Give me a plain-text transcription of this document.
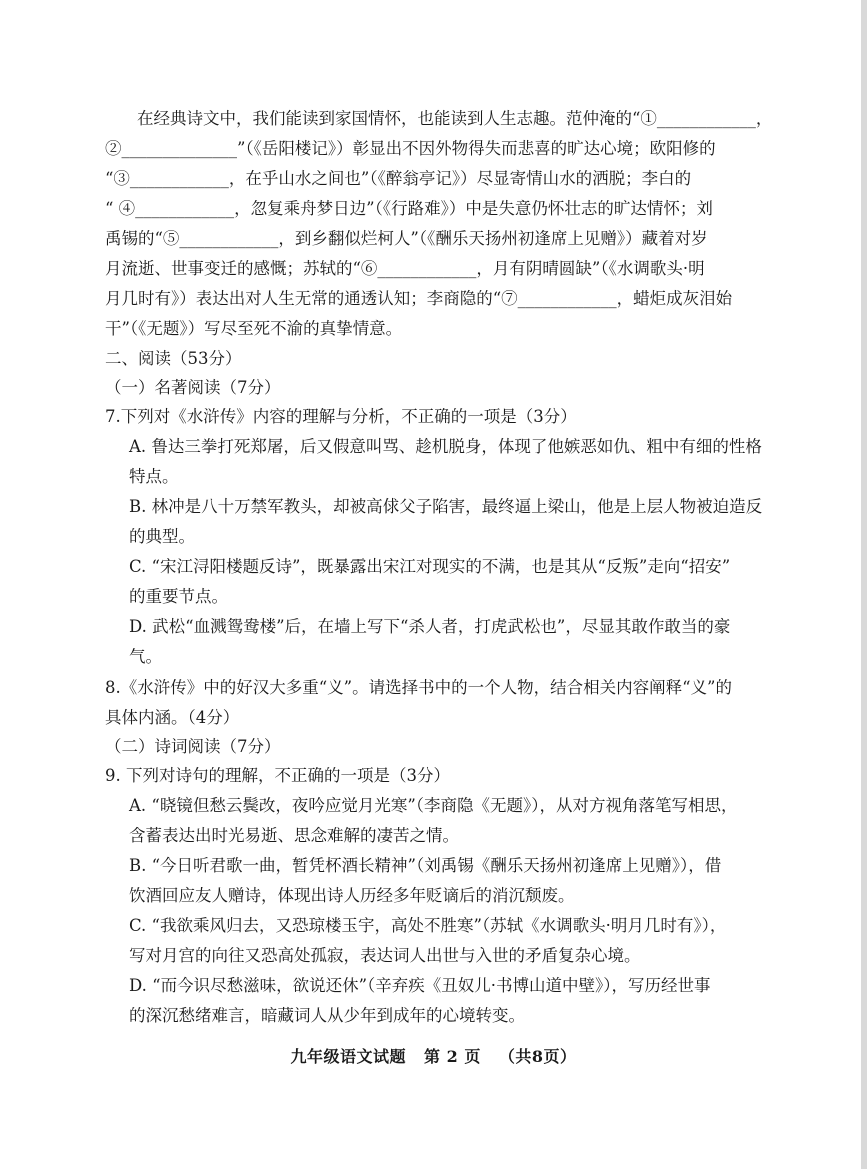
在经典诗文中，我们能读到家国情怀，也能读到人生志趣。范仲淹的“①____________，
②______________”（《岳阳楼记》）彰显出不因外物得失而悲喜的旷达心境；欧阳修的
“③____________，在乎山水之间也”（《醉翁亭记》）尽显寄情山水的洒脱；李白的
“ ④____________，忽复乘舟梦日边”（《行路难》）中是失意仍怀壮志的旷达情怀；刘
禹锡的“⑤____________，到乡翻似烂柯人”（《酬乐天扬州初逢席上见赠》）藏着对岁
月流逝、世事变迁的感慨；苏轼的“⑥____________，月有阴晴圆缺”（《水调歌头·明
月几时有》）表达出对人生无常的通透认知；李商隐的“⑦____________，蜡炬成灰泪始
干”（《无题》）写尽至死不渝的真挚情意。
二、阅读（53分）
（一）名著阅读（7分）
7.下列对《水浒传》内容的理解与分析，不正确的一项是（3分）
A. 鲁达三拳打死郑屠，后又假意叫骂、趁机脱身，体现了他嫉恶如仇、粗中有细的性格
特点。
B. 林冲是八十万禁军教头，却被高俅父子陷害，最终逼上梁山，他是上层人物被迫造反
的典型。
C. “宋江浔阳楼题反诗”，既暴露出宋江对现实的不满，也是其从“反叛”走向“招安”
的重要节点。
D. 武松“血溅鸳鸯楼”后，在墙上写下“杀人者，打虎武松也”，尽显其敢作敢当的豪
气。
8.《水浒传》中的好汉大多重“义”。请选择书中的一个人物，结合相关内容阐释“义”的
具体内涵。（4分）
（二）诗词阅读（7分）
9. 下列对诗句的理解，不正确的一项是（3分）
A. “晓镜但愁云鬓改，夜吟应觉月光寒”（李商隐《无题》），从对方视角落笔写相思，
含蓄表达出时光易逝、思念难解的凄苦之情。
B. “今日听君歌一曲，暂凭杯酒长精神”（刘禹锡《酬乐天扬州初逢席上见赠》），借
饮酒回应友人赠诗，体现出诗人历经多年贬谪后的消沉颓废。
C. “我欲乘风归去，又恐琼楼玉宇，高处不胜寒”（苏轼《水调歌头·明月几时有》），
写对月宫的向往又恐高处孤寂，表达词人出世与入世的矛盾复杂心境。
D. “而今识尽愁滋味，欲说还休”（辛弃疾《丑奴儿·书博山道中壁》），写历经世事
的深沉愁绪难言，暗藏词人从少年到成年的心境转变。
九年级语文试题 第 2 页 （共8页）
